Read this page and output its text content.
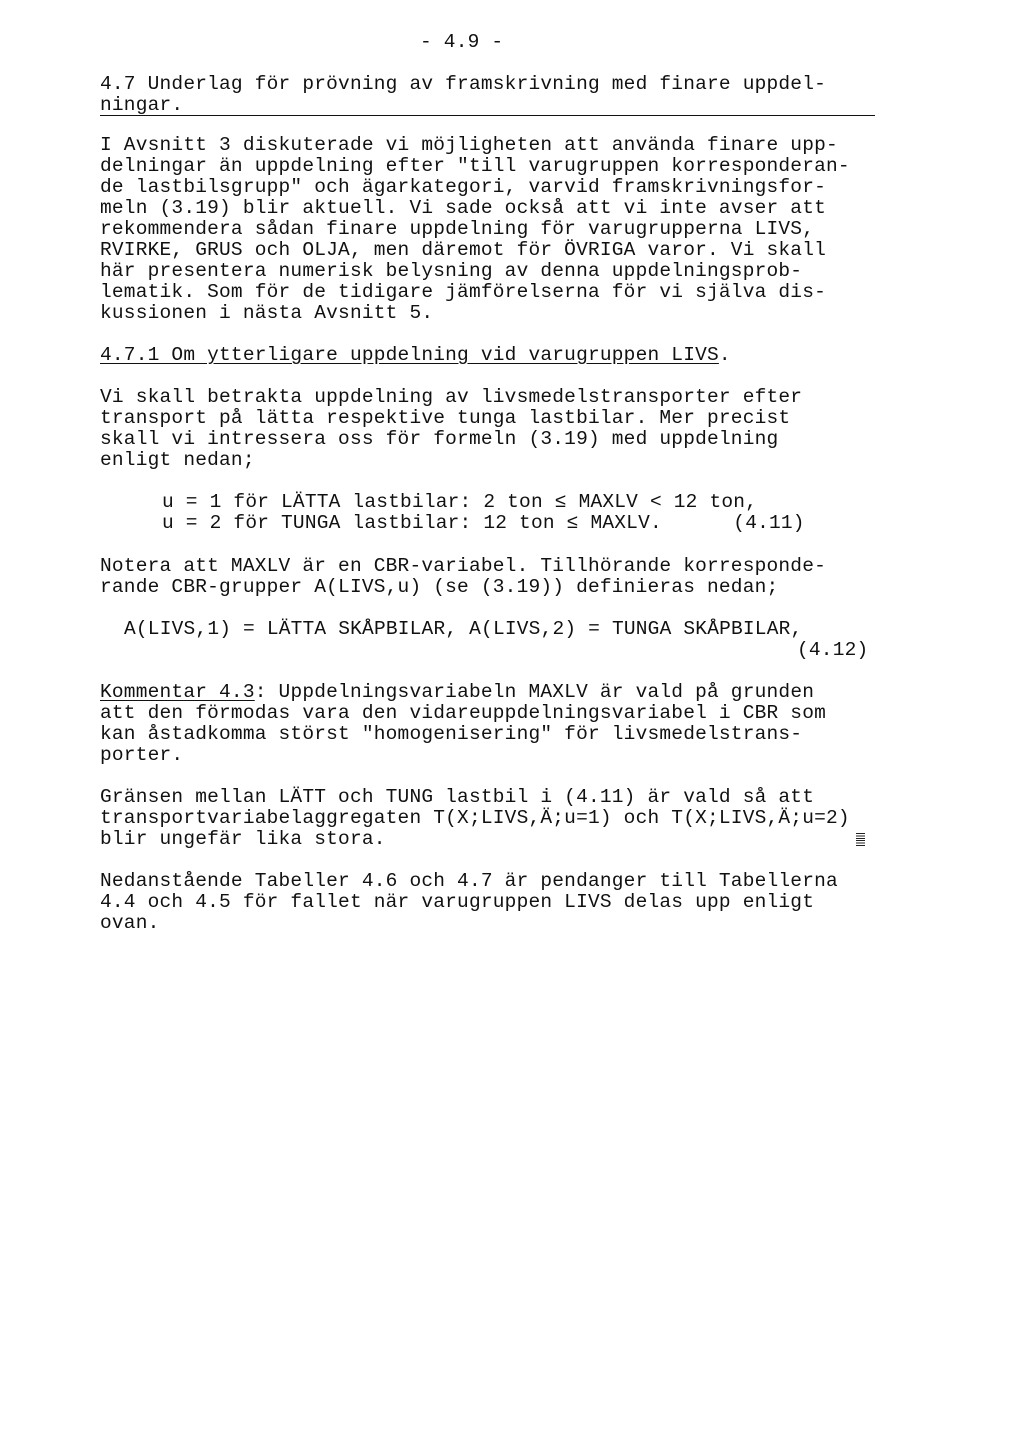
- 4.9 -
4.7 Underlag för prövning av framskrivning med finare uppdel-
ningar.
I Avsnitt 3 diskuterade vi möjligheten att använda finare upp-
delningar än uppdelning efter "till varugruppen korresponderan-
de lastbilsgrupp" och ägarkategori, varvid framskrivningsfor-
meln (3.19) blir aktuell. Vi sade också att vi inte avser att
rekommendera sådan finare uppdelning för varugrupperna LIVS,
RVIRKE, GRUS och OLJA, men däremot för ÖVRIGA varor. Vi skall
här presentera numerisk belysning av denna uppdelningsprob-
lematik. Som för de tidigare jämförelserna för vi själva dis-
kussionen i nästa Avsnitt 5.
4.7.1 Om ytterligare uppdelning vid varugruppen LIVS.
Vi skall betrakta uppdelning av livsmedelstransporter efter
transport på lätta respektive tunga lastbilar. Mer precist
skall vi intressera oss för formeln (3.19) med uppdelning
enligt nedan;
u = 1 för LÄTTA lastbilar: 2 ton ≤ MAXLV < 12 ton,
u = 2 för TUNGA lastbilar: 12 ton ≤ MAXLV.      (4.11)
Notera att MAXLV är en CBR-variabel. Tillhörande korresponde-
rande CBR-grupper A(LIVS,u) (se (3.19)) definieras nedan;
A(LIVS,1) = LÄTTA SKÅPBILAR, A(LIVS,2) = TUNGA SKÅPBILAR,
(4.12)
Kommentar 4.3: Uppdelningsvariabeln MAXLV är vald på grunden
att den förmodas vara den vidareuppdelningsvariabel i CBR som
kan åstadkomma störst "homogenisering" för livsmedelstrans-
porter.
Gränsen mellan LÄTT och TUNG lastbil i (4.11) är vald så att
transportvariabelaggregaten T(X;LIVS,Ä;u=1) och T(X;LIVS,Ä;u=2)
blir ungefär lika stora.
Nedanstående Tabeller 4.6 och 4.7 är pendanger till Tabellerna
4.4 och 4.5 för fallet när varugruppen LIVS delas upp enligt
ovan.
